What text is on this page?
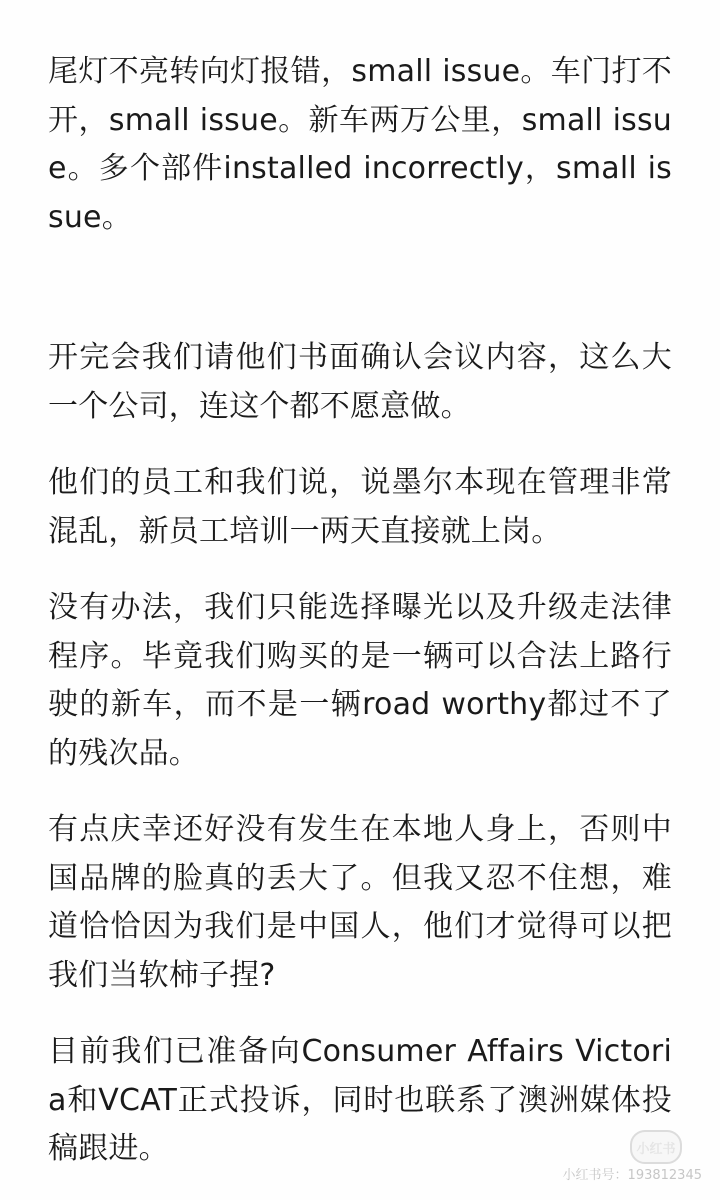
尾灯不亮转向灯报错，small issue。车门打不开，small issue。新车两万公里，small issue。多个部件installed incorrectly，small issue。

开完会我们请他们书面确认会议内容，这么大一个公司，连这个都不愿意做。

他们的员工和我们说，说墨尔本现在管理非常混乱，新员工培训一两天直接就上岗。

没有办法，我们只能选择曝光以及升级走法律程序。毕竟我们购买的是一辆可以合法上路行驶的新车，而不是一辆road worthy都过不了的残次品。

有点庆幸还好没有发生在本地人身上，否则中国品牌的脸真的丢大了。但我又忍不住想，难道恰恰因为我们是中国人，他们才觉得可以把我们当软柿子捏?

目前我们已准备向Consumer Affairs Victoria和VCAT正式投诉，同时也联系了澳洲媒体投稿跟进。	小红书
小红书号：193812345
